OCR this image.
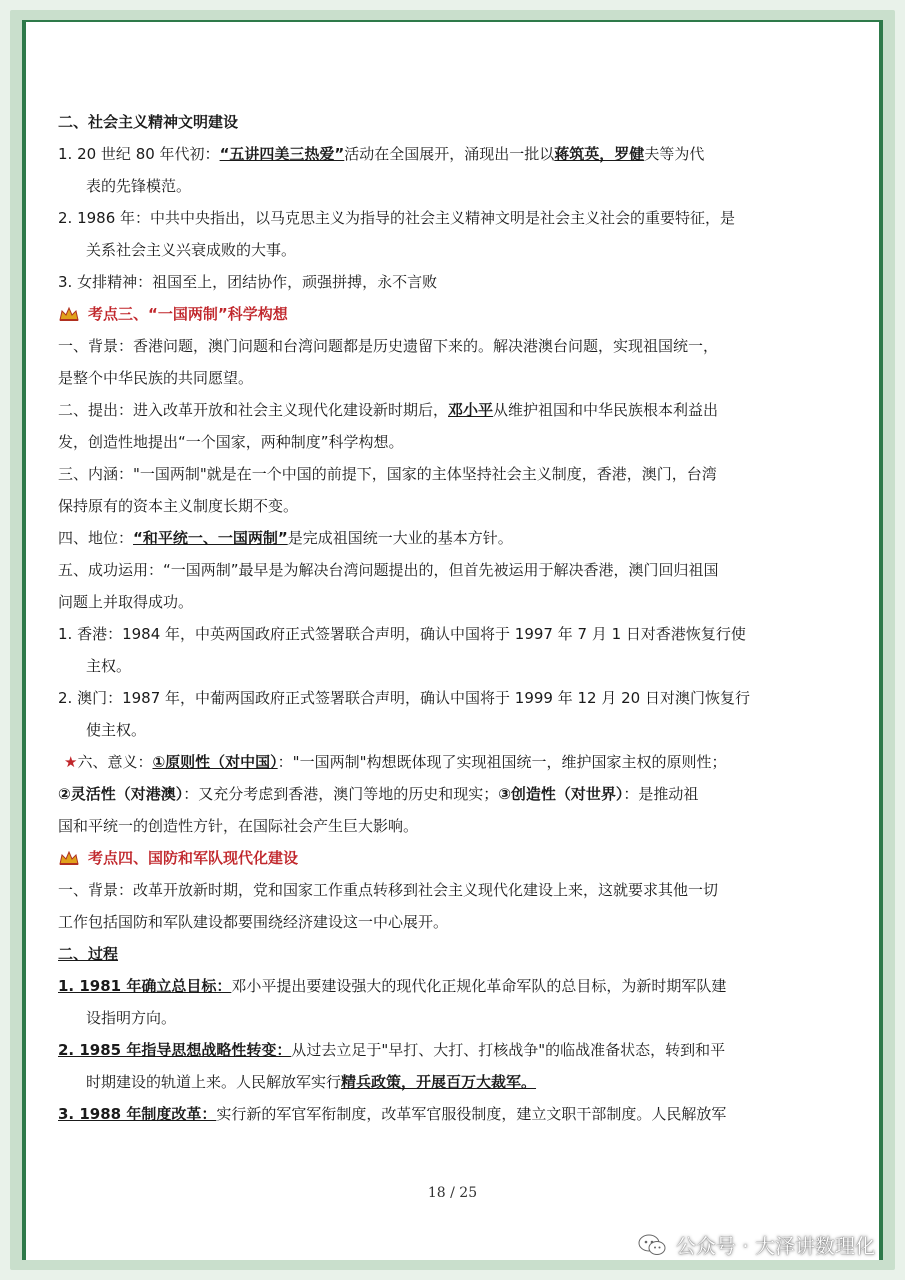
二、社会主义精神文明建设
1. 20 世纪 80 年代初：“五讲四美三热爱”活动在全国展开，涌现出一批以蒋筑英，罗健夫等为代
表的先锋模范。
2. 1986 年：中共中央指出，以马克思主义为指导的社会主义精神文明是社会主义社会的重要特征，是
关系社会主义兴衰成败的大事。
3. 女排精神：祖国至上，团结协作，顽强拼搏，永不言败
考点三、“一国两制”科学构想
一、背景：香港问题，澳门问题和台湾问题都是历史遗留下来的。解决港澳台问题，实现祖国统一，
是整个中华民族的共同愿望。
二、提出：进入改革开放和社会主义现代化建设新时期后，邓小平从维护祖国和中华民族根本利益出
发，创造性地提出“一个国家，两种制度”科学构想。
三、内涵："一国两制"就是在一个中国的前提下，国家的主体坚持社会主义制度，香港，澳门，台湾
保持原有的资本主义制度长期不变。
四、地位：“和平统一、一国两制”是完成祖国统一大业的基本方针。
五、成功运用：“一国两制”最早是为解决台湾问题提出的，但首先被运用于解决香港，澳门回归祖国
问题上并取得成功。
1. 香港：1984 年，中英两国政府正式签署联合声明，确认中国将于 1997 年 7 月 1 日对香港恢复行使
主权。
2. 澳门：1987 年，中葡两国政府正式签署联合声明，确认中国将于 1999 年 12 月 20 日对澳门恢复行
使主权。
★六、意义：①原则性（对中国）："一国两制"构想既体现了实现祖国统一，维护国家主权的原则性；
②灵活性（对港澳）：又充分考虑到香港，澳门等地的历史和现实；③创造性（对世界）：是推动祖
国和平统一的创造性方针，在国际社会产生巨大影响。
考点四、国防和军队现代化建设
一、背景：改革开放新时期，党和国家工作重点转移到社会主义现代化建设上来，这就要求其他一切
工作包括国防和军队建设都要围绕经济建设这一中心展开。
二、过程
1. 1981 年确立总目标：邓小平提出要建设强大的现代化正规化革命军队的总目标，为新时期军队建
设指明方向。
2. 1985 年指导思想战略性转变：从过去立足于"早打、大打、打核战争"的临战准备状态，转到和平
时期建设的轨道上来。人民解放军实行精兵政策，开展百万大裁军。
3. 1988 年制度改革：实行新的军官军衔制度，改革军官服役制度，建立文职干部制度。人民解放军
18 / 25
公众号 · 大泽讲数理化
